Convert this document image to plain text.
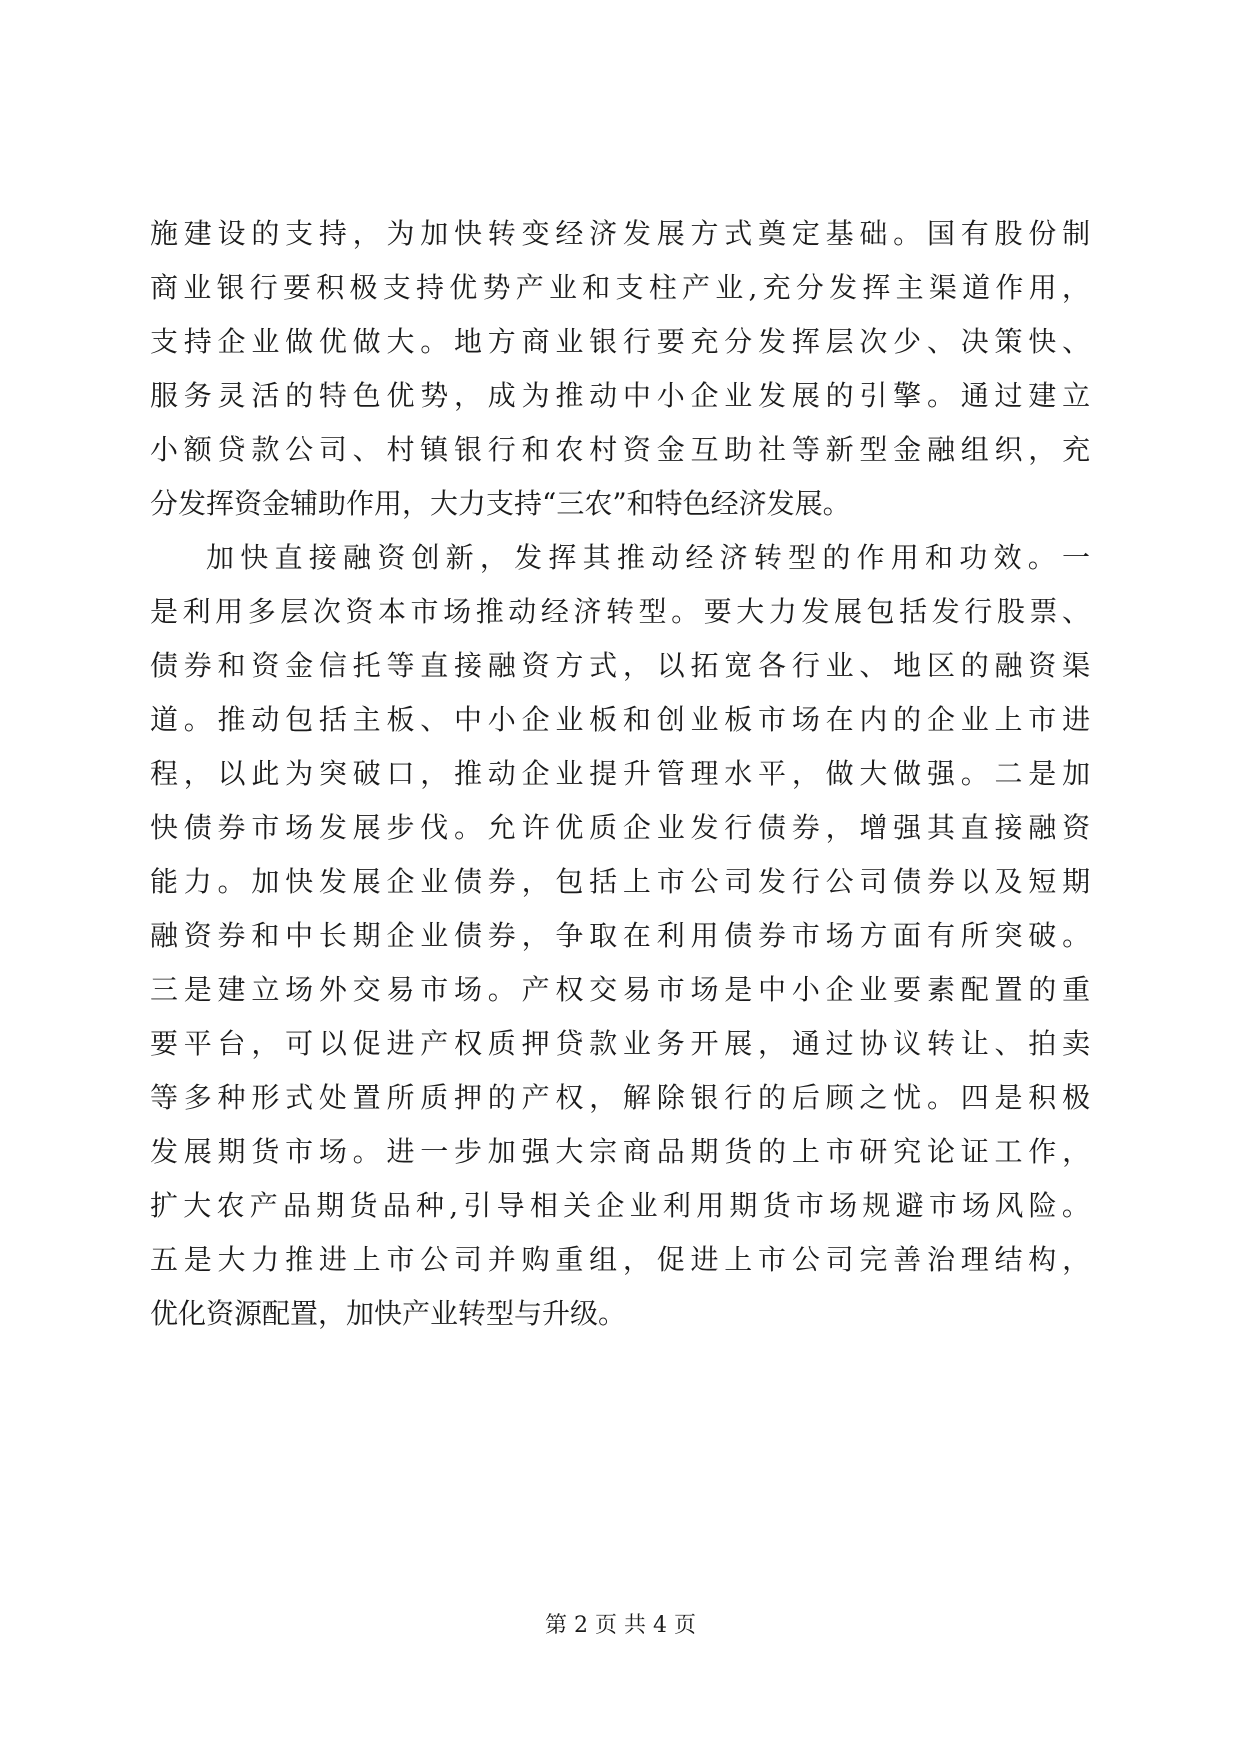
施建设的支持，为加快转变经济发展方式奠定基础。国有股份制
商业银行要积极支持优势产业和支柱产业,充分发挥主渠道作用，
支持企业做优做大。地方商业银行要充分发挥层次少、决策快、
服务灵活的特色优势，成为推动中小企业发展的引擎。通过建立
小额贷款公司、村镇银行和农村资金互助社等新型金融组织，充
分发挥资金辅助作用，大力支持“三农”和特色经济发展。
加快直接融资创新，发挥其推动经济转型的作用和功效。一
是利用多层次资本市场推动经济转型。要大力发展包括发行股票、
债券和资金信托等直接融资方式，以拓宽各行业、地区的融资渠
道。推动包括主板、中小企业板和创业板市场在内的企业上市进
程，以此为突破口，推动企业提升管理水平，做大做强。二是加
快债券市场发展步伐。允许优质企业发行债券，增强其直接融资
能力。加快发展企业债券，包括上市公司发行公司债券以及短期
融资券和中长期企业债券，争取在利用债券市场方面有所突破。
三是建立场外交易市场。产权交易市场是中小企业要素配置的重
要平台，可以促进产权质押贷款业务开展，通过协议转让、拍卖
等多种形式处置所质押的产权，解除银行的后顾之忧。四是积极
发展期货市场。进一步加强大宗商品期货的上市研究论证工作，
扩大农产品期货品种,引导相关企业利用期货市场规避市场风险。
五是大力推进上市公司并购重组，促进上市公司完善治理结构，
优化资源配置，加快产业转型与升级。
第 2 页 共 4 页
